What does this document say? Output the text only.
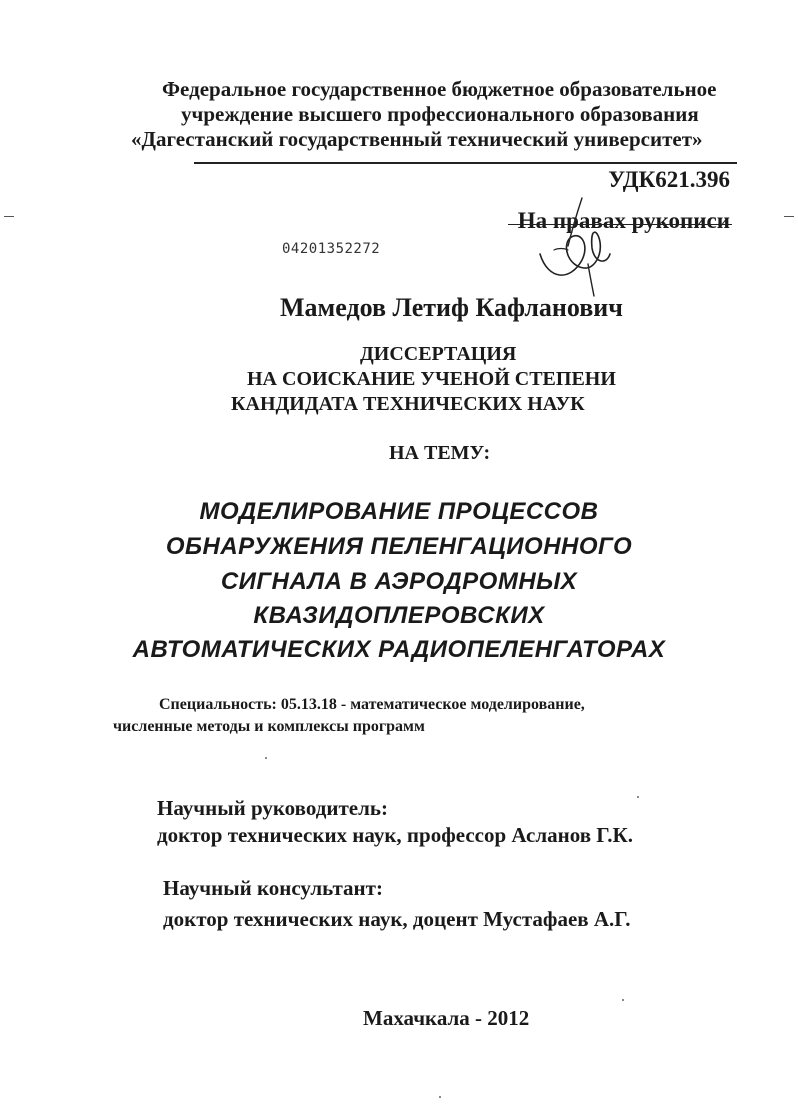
Федеральное государственное бюджетное образовательное
учреждение высшего профессионального образования
«Дагестанский государственный технический университет»
УДК621.396
На правах рукописи
04201352272
Мамедов Летиф Кафланович
ДИССЕРТАЦИЯ
НА СОИСКАНИЕ УЧЕНОЙ СТЕПЕНИ
КАНДИДАТА ТЕХНИЧЕСКИХ НАУК
НА ТЕМУ:
МОДЕЛИРОВАНИЕ ПРОЦЕССОВ
ОБНАРУЖЕНИЯ ПЕЛЕНГАЦИОННОГО
СИГНАЛА В АЭРОДРОМНЫХ
КВАЗИДОПЛЕРОВСКИХ
АВТОМАТИЧЕСКИХ РАДИОПЕЛЕНГАТОРАХ
Специальность: 05.13.18 - математическое моделирование,
численные методы и комплексы программ
Научный руководитель:
доктор технических наук, профессор Асланов Г.К.
Научный консультант:
доктор технических наук, доцент Мустафаев А.Г.
Махачкала - 2012
